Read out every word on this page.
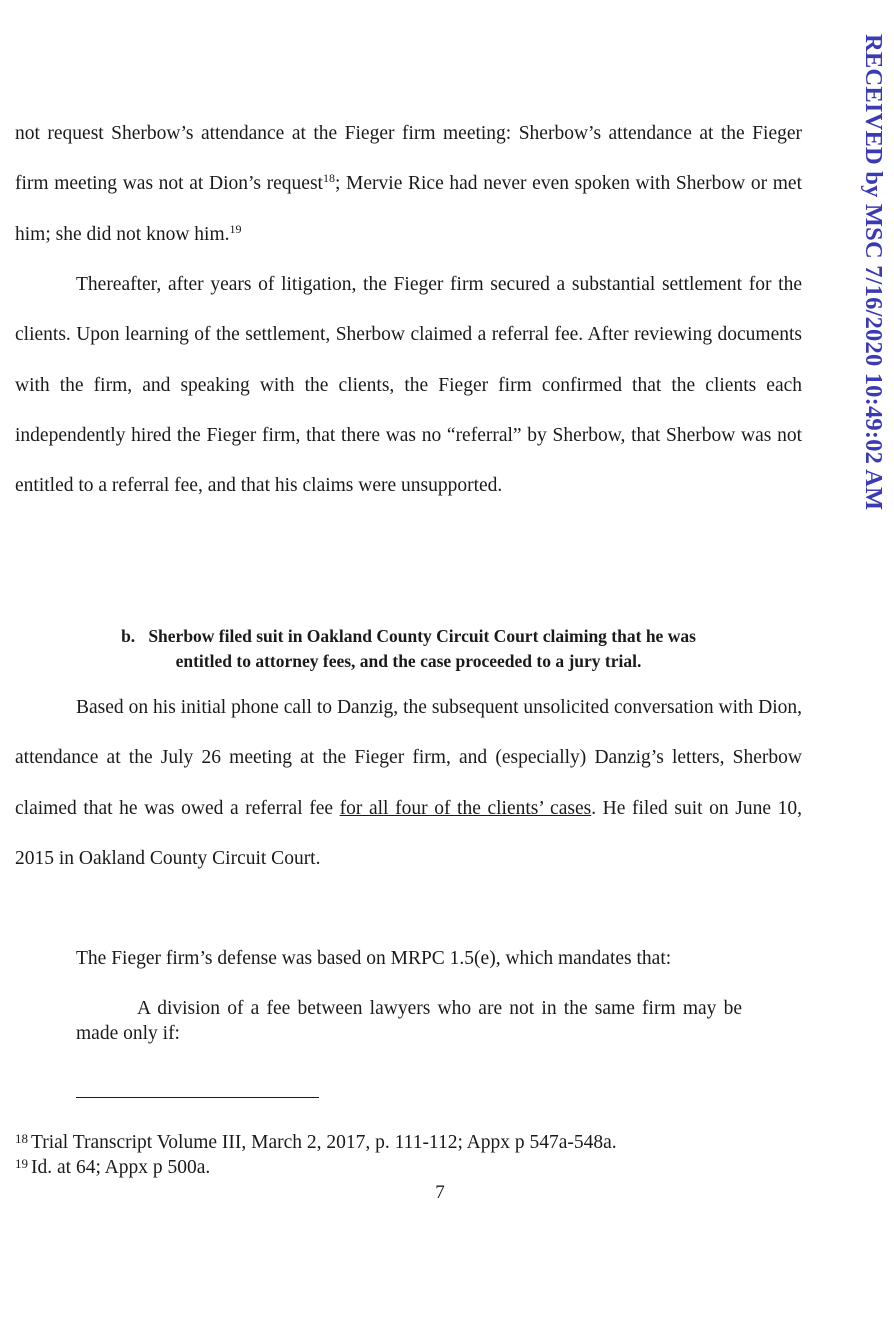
not request Sherbow’s attendance at the Fieger firm meeting: Sherbow’s attendance at the Fieger firm meeting was not at Dion’s request$^{18}$; Mervie Rice had never even spoken with Sherbow or met him; she did not know him.$^{19}$

Thereafter, after years of litigation, the Fieger firm secured a substantial settlement for the clients. Upon learning of the settlement, Sherbow claimed a referral fee. After reviewing documents with the firm, and speaking with the clients, the Fieger firm confirmed that the clients each independently hired the Fieger firm, that there was no “referral” by Sherbow, that Sherbow was not entitled to a referral fee, and that his claims were unsupported.

b. Sherbow filed suit in Oakland County Circuit Court claiming that he was
entitled to attorney fees, and the case proceeded to a jury trial.

Based on his initial phone call to Danzig, the subsequent unsolicited conversation with Dion, attendance at the July 26 meeting at the Fieger firm, and (especially) Danzig’s letters, Sherbow claimed that he was owed a referral fee for all four of the clients’ cases. He filed suit on June 10, 2015 in Oakland County Circuit Court.

The Fieger firm’s defense was based on MRPC 1.5(e), which mandates that:

A division of a fee between lawyers who are not in the same firm may be made only if:

$^{18}$ Trial Transcript Volume III, March 2, 2017, p. 111-112; Appx p 547a-548a.

$^{19}$ Id. at 64; Appx p 500a.

7
RECEIVED by MSC 7/16/2020 10:49:02 AM
